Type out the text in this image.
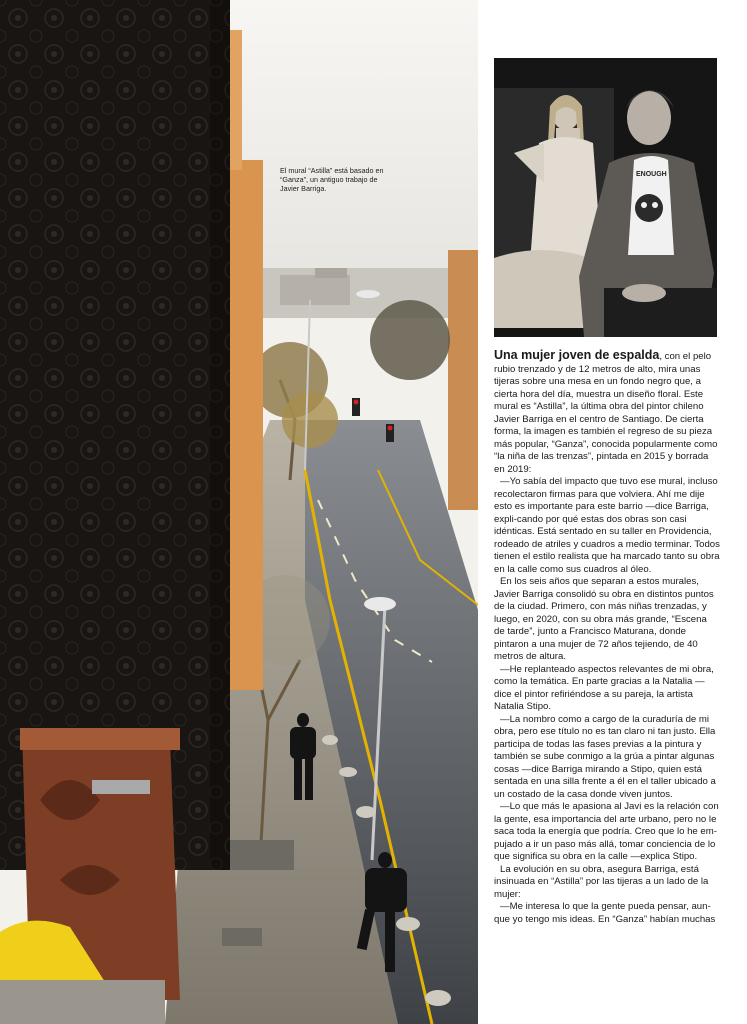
El mural “Astilla” está basado en “Ganza”, un antiguo trabajo de Javier Barriga.
ENOUGH

Una mujer joven de espalda, con el pelo rubio trenzado y de 12 metros de alto, mira unas tijeras sobre una mesa en un fondo negro que, a cierta hora del día, muestra un diseño floral. Este mural es “Astilla”, la última obra del pintor chileno Javier Barriga en el centro de Santiago. De cierta forma, la imagen es también el regreso de su pieza más popular, “Ganza”, conocida popularmente como “la niña de las trenzas”, pintada en 2015 y borrada en 2019:

—Yo sabía del impacto que tuvo ese mural, incluso recolectaron firmas para que volviera. Ahí me dije esto es importante para este barrio —dice Barriga, expli-cando por qué estas dos obras son casi idénticas. Está sentado en su taller en Providencia, rodeado de atriles y cuadros a medio terminar. Todos tienen el estilo realista que ha marcado tanto su obra en la calle como sus cuadros al óleo.

En los seis años que separan a estos murales, Javier Barriga consolidó su obra en distintos puntos de la ciudad. Primero, con más niñas trenzadas, y luego, en 2020, con su obra más grande, “Escena de tarde”, junto a Francisco Maturana, donde pintaron a una mujer de 72 años tejiendo, de 40 metros de altura.

—He replanteado aspectos relevantes de mi obra, como la temática. En parte gracias a la Natalia —dice el pintor refiriéndose a su pareja, la artista Natalia Stipo.

—La nombro como a cargo de la curaduría de mi obra, pero ese título no es tan claro ni tan justo. Ella participa de todas las fases previas a la pintura y también se sube conmigo a la grúa a pintar algunas cosas —dice Barriga mirando a Stipo, quien está sentada en una silla frente a él en el taller ubicado a un costado de la casa donde viven juntos.

—Lo que más le apasiona al Javi es la relación con la gente, esa importancia del arte urbano, pero no le saca toda la energía que podría. Creo que lo he em-pujado a ir un paso más allá, tomar conciencia de lo que significa su obra en la calle —explica Stipo.

La evolución en su obra, asegura Barriga, está insinuada en “Astilla” por las tijeras a un lado de la mujer:

—Me interesa lo que la gente pueda pensar, aun-que yo tengo mis ideas. En “Ganza” habían muchas
